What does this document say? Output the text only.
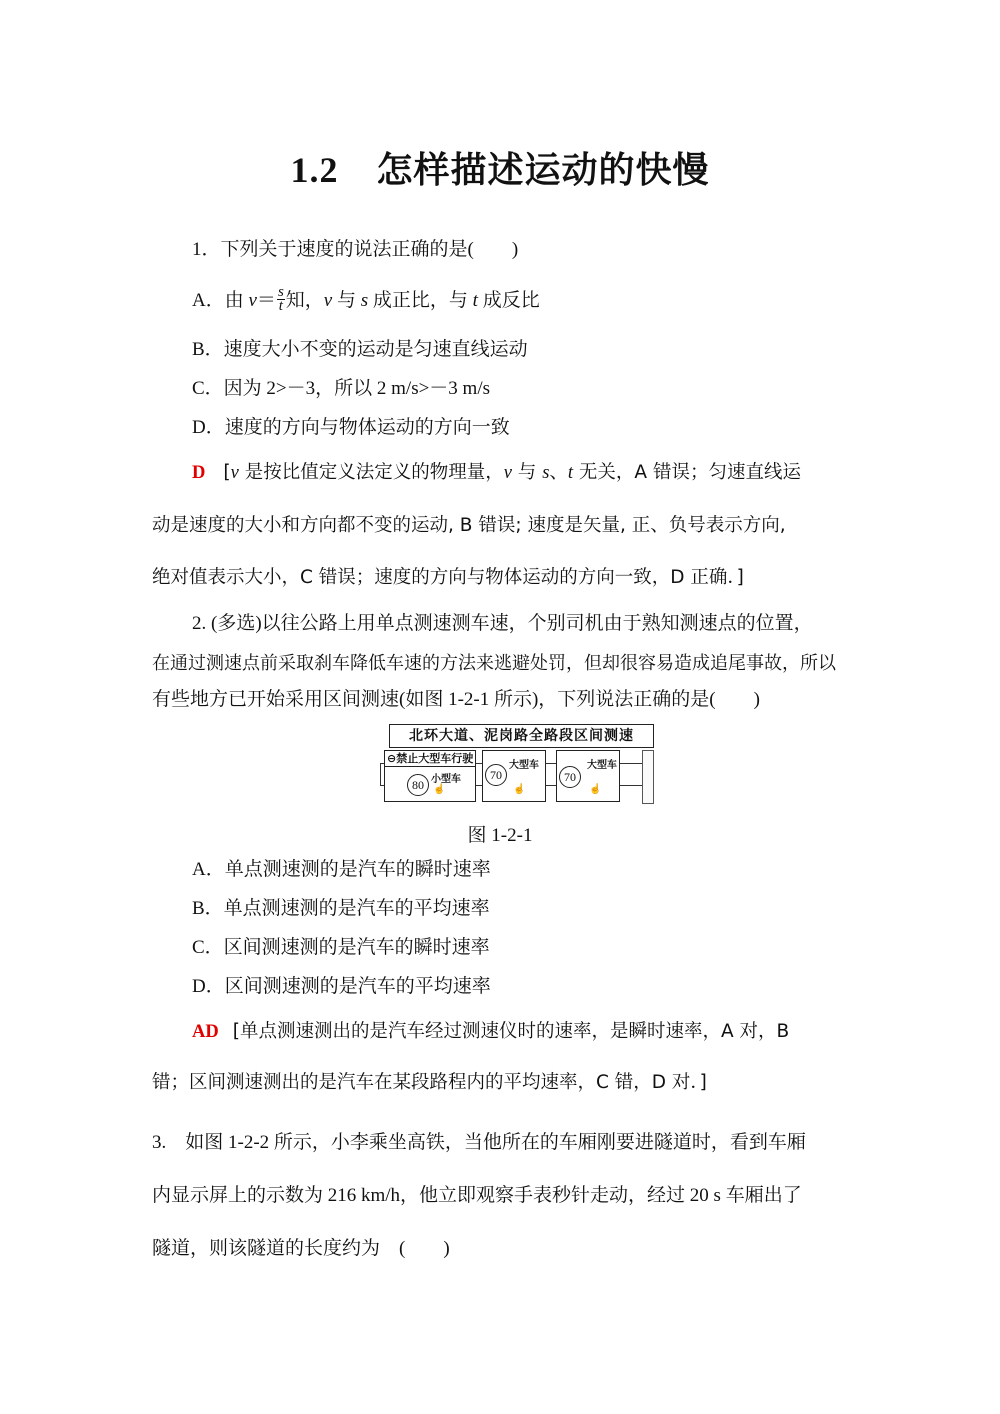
1.2 怎样描述运动的快慢
1．下列关于速度的说法正确的是(　　)
A．由 $v= \frac{s}{t}$ 知，v 与 s 成正比，与 t 成反比
B．速度大小不变的运动是匀速直线运动
C．因为 2>－3，所以 2 m/s>－3 m/s
D．速度的方向与物体运动的方向一致
D [v 是按比值定义法定义的物理量，v 与 s、t 无关，A 错误；匀速直线运
动是速度的大小和方向都不变的运动, B 错误; 速度是矢量, 正、负号表示方向,
绝对值表示大小，C 错误；速度的方向与物体运动的方向一致，D 正确．]
2. (多选)以往公路上用单点测速测车速，个别司机由于熟知测速点的位置，
在通过测速点前采取刹车降低车速的方法来逃避处罚，但却很容易造成追尾事故，所以
有些地方已开始采用区间测速(如图 1-2-1 所示)，下列说法正确的是(　　)
北环大道、泥岗路全路段区间测速
⊖禁止大型车行驶
80 小型车
☝
70
大型车
☝
70
大型车
☝
图 1-2-1
A．单点测速测的是汽车的瞬时速率
B．单点测速测的是汽车的平均速率
C．区间测速测的是汽车的瞬时速率
D．区间测速测的是汽车的平均速率
AD [单点测速测出的是汽车经过测速仪时的速率，是瞬时速率，A 对，B
错；区间测速测出的是汽车在某段路程内的平均速率，C 错，D 对．]
3.　如图 1-2-2 所示，小李乘坐高铁，当他所在的车厢刚要进隧道时，看到车厢
内显示屏上的示数为 216 km/h，他立即观察手表秒针走动，经过 20 s 车厢出了
隧道，则该隧道的长度约为　(　　)
